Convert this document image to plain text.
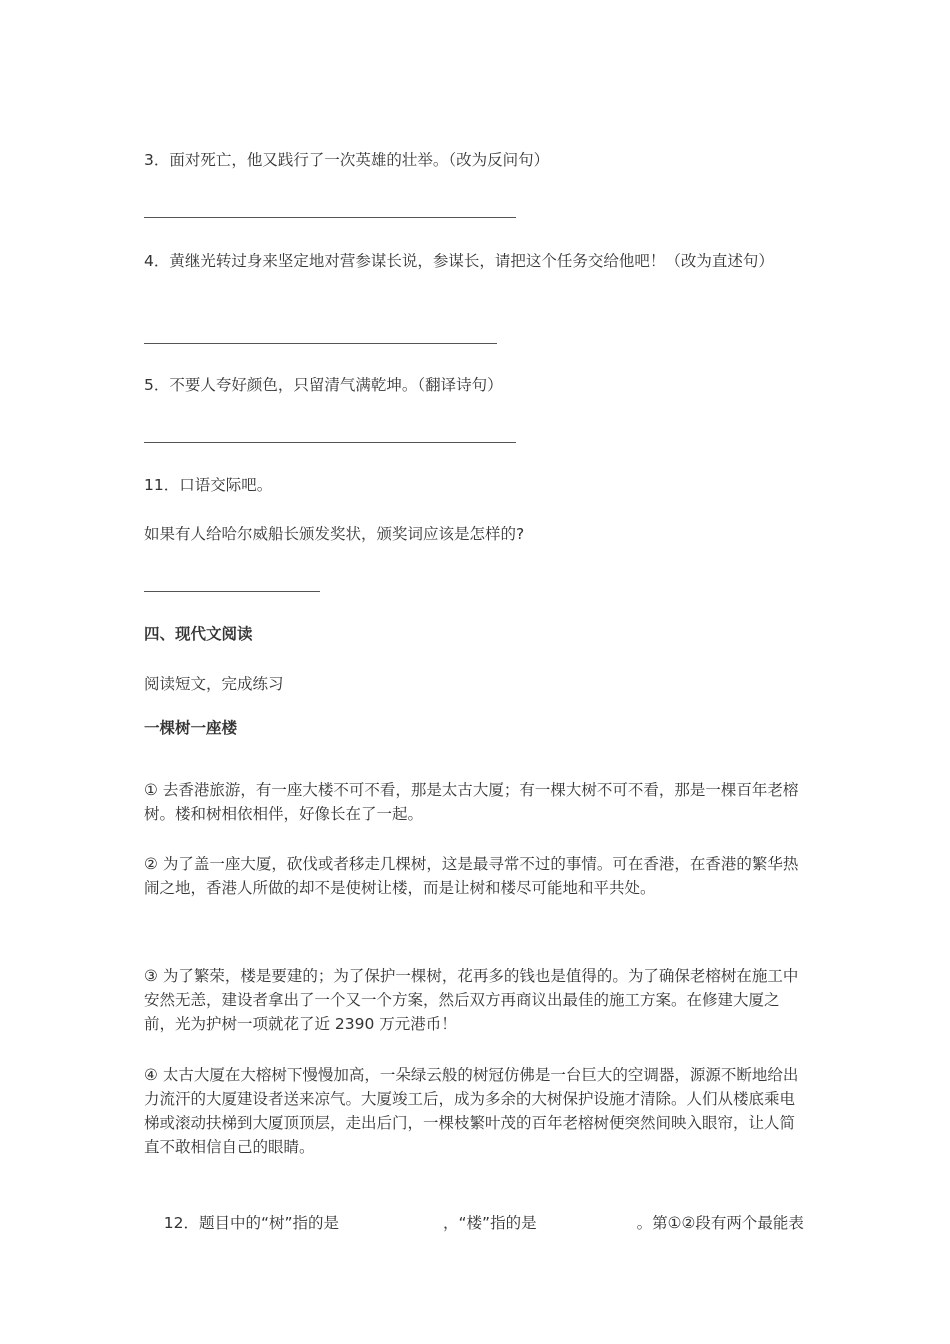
3．面对死亡，他又践行了一次英雄的壮举。（改为反问句）
4．黄继光转过身来坚定地对营参谋长说，参谋长，请把这个任务交给他吧！（改为直述句）
5．不要人夸好颜色，只留清气满乾坤。（翻译诗句）
11．口语交际吧。
如果有人给哈尔威船长颁发奖状，颁奖词应该是怎样的?
四、现代文阅读
阅读短文，完成练习
一棵树一座楼
① 去香港旅游，有一座大楼不可不看，那是太古大厦；有一棵大树不可不看，那是一棵百年老榕树。楼和树相依相伴，好像长在了一起。
② 为了盖一座大厦，砍伐或者移走几棵树，这是最寻常不过的事情。可在香港，在香港的繁华热闹之地，香港人所做的却不是使树让楼，而是让树和楼尽可能地和平共处。
③ 为了繁荣，楼是要建的；为了保护一棵树，花再多的钱也是值得的。为了确保老榕树在施工中安然无恙，建设者拿出了一个又一个方案，然后双方再商议出最佳的施工方案。在修建大厦之前，光为护树一项就花了近 2390 万元港币！
④ 太古大厦在大榕树下慢慢加高，一朵绿云般的树冠仿佛是一台巨大的空调器，源源不断地给出力流汗的大厦建设者送来凉气。大厦竣工后，成为多余的大树保护设施才清除。人们从楼底乘电梯或滚动扶梯到大厦顶顶层，走出后门，一棵枝繁叶茂的百年老榕树便突然间映入眼帘，让人简直不敢相信自己的眼睛。

12．题目中的“树”指的是	，“楼”指的是	。第①②段有两个最能表
